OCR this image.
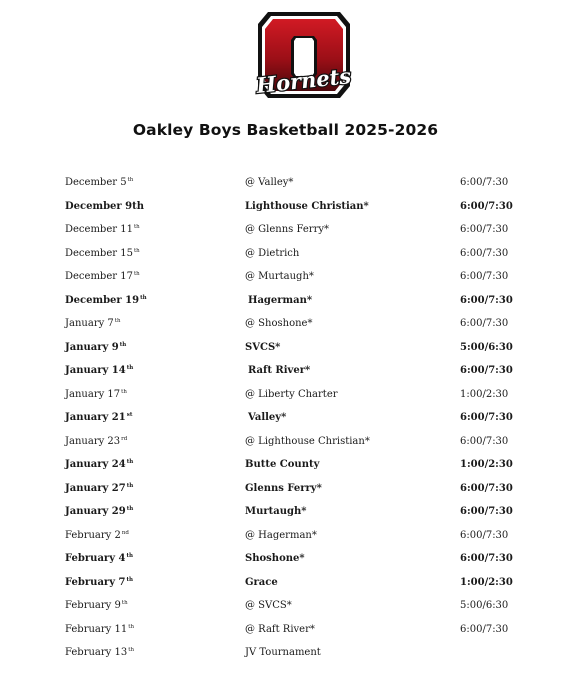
Hornets
Oakley Boys Basketball 2025-2026
December 5th	@ Valley*	6:00/7:30
December 9th	Lighthouse Christian*	6:00/7:30
December 11th	@ Glenns Ferry*	6:00/7:30
December 15th	@ Dietrich	6:00/7:30
December 17th	@ Murtaugh*	6:00/7:30
December 19th	Hagerman*	6:00/7:30
January 7th	@ Shoshone*	6:00/7:30
January 9th	SVCS*	5:00/6:30
January 14th	Raft River*	6:00/7:30
January 17th	@ Liberty Charter	1:00/2:30
January 21st	Valley*	6:00/7:30
January 23rd	@ Lighthouse Christian*	6:00/7:30
January 24th	Butte County	1:00/2:30
January 27th	Glenns Ferry*	6:00/7:30
January 29th	Murtaugh*	6:00/7:30
February 2nd	@ Hagerman*	6:00/7:30
February 4th	Shoshone*	6:00/7:30
February 7th	Grace	1:00/2:30
February 9th	@ SVCS*	5:00/6:30
February 11th	@ Raft River*	6:00/7:30
February 13th	JV Tournament
